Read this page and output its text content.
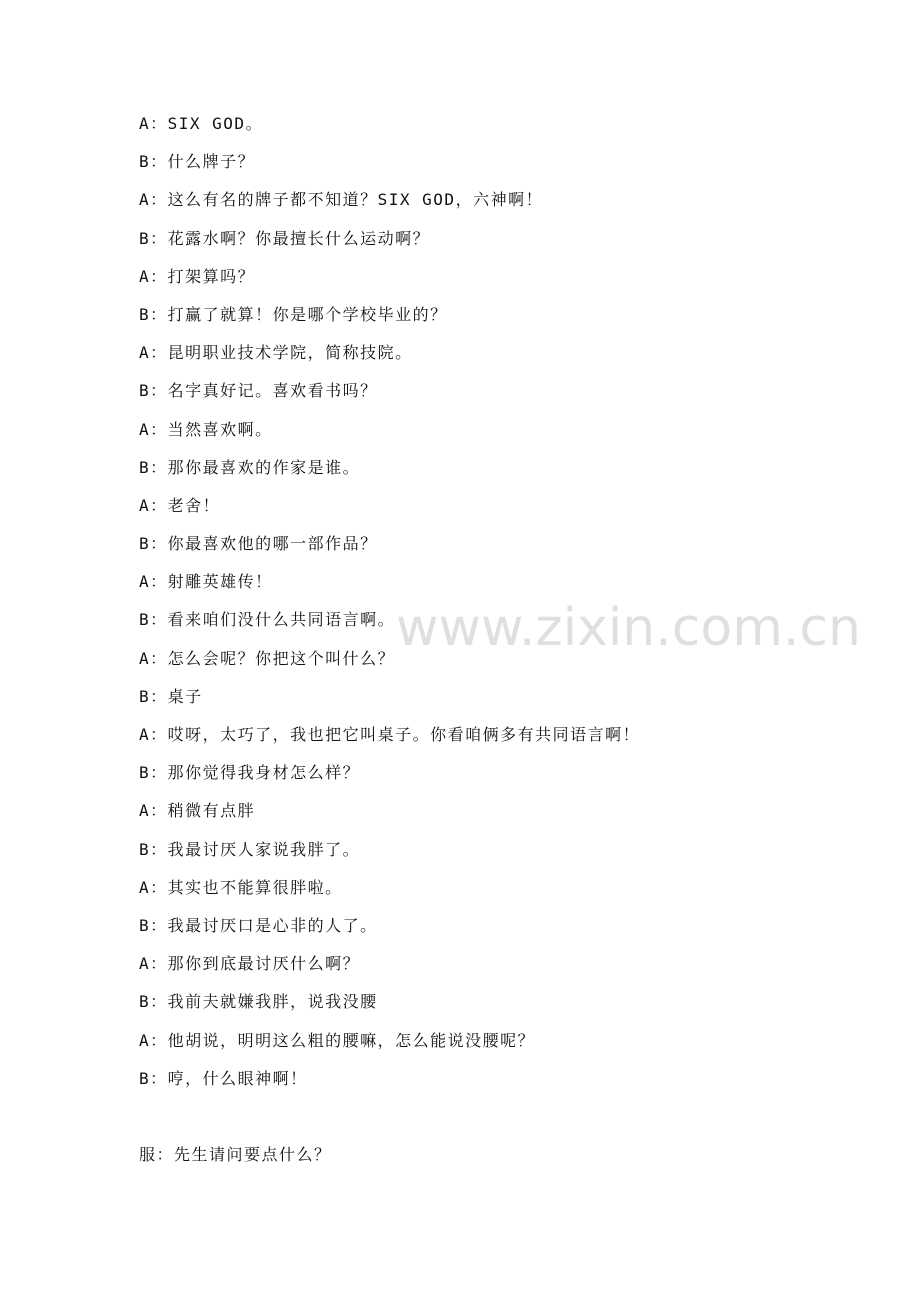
A：SIX GOD。
B：什么牌子？
A：这么有名的牌子都不知道？SIX GOD，六神啊！
B：花露水啊？你最擅长什么运动啊？
A：打架算吗？
B：打赢了就算！你是哪个学校毕业的？
A：昆明职业技术学院，简称技院。
B：名字真好记。喜欢看书吗？
A：当然喜欢啊。
B：那你最喜欢的作家是谁。
A：老舍！
B：你最喜欢他的哪一部作品？
A：射雕英雄传！
B：看来咱们没什么共同语言啊。
A：怎么会呢？你把这个叫什么？
B：桌子
A：哎呀，太巧了，我也把它叫桌子。你看咱俩多有共同语言啊！
B：那你觉得我身材怎么样？
A：稍微有点胖
B：我最讨厌人家说我胖了。
A：其实也不能算很胖啦。
B：我最讨厌口是心非的人了。
A：那你到底最讨厌什么啊？
B：我前夫就嫌我胖，说我没腰
A：他胡说，明明这么粗的腰嘛，怎么能说没腰呢？
B：哼，什么眼神啊！
服：先生请问要点什么？
www.zixin.com.cn
